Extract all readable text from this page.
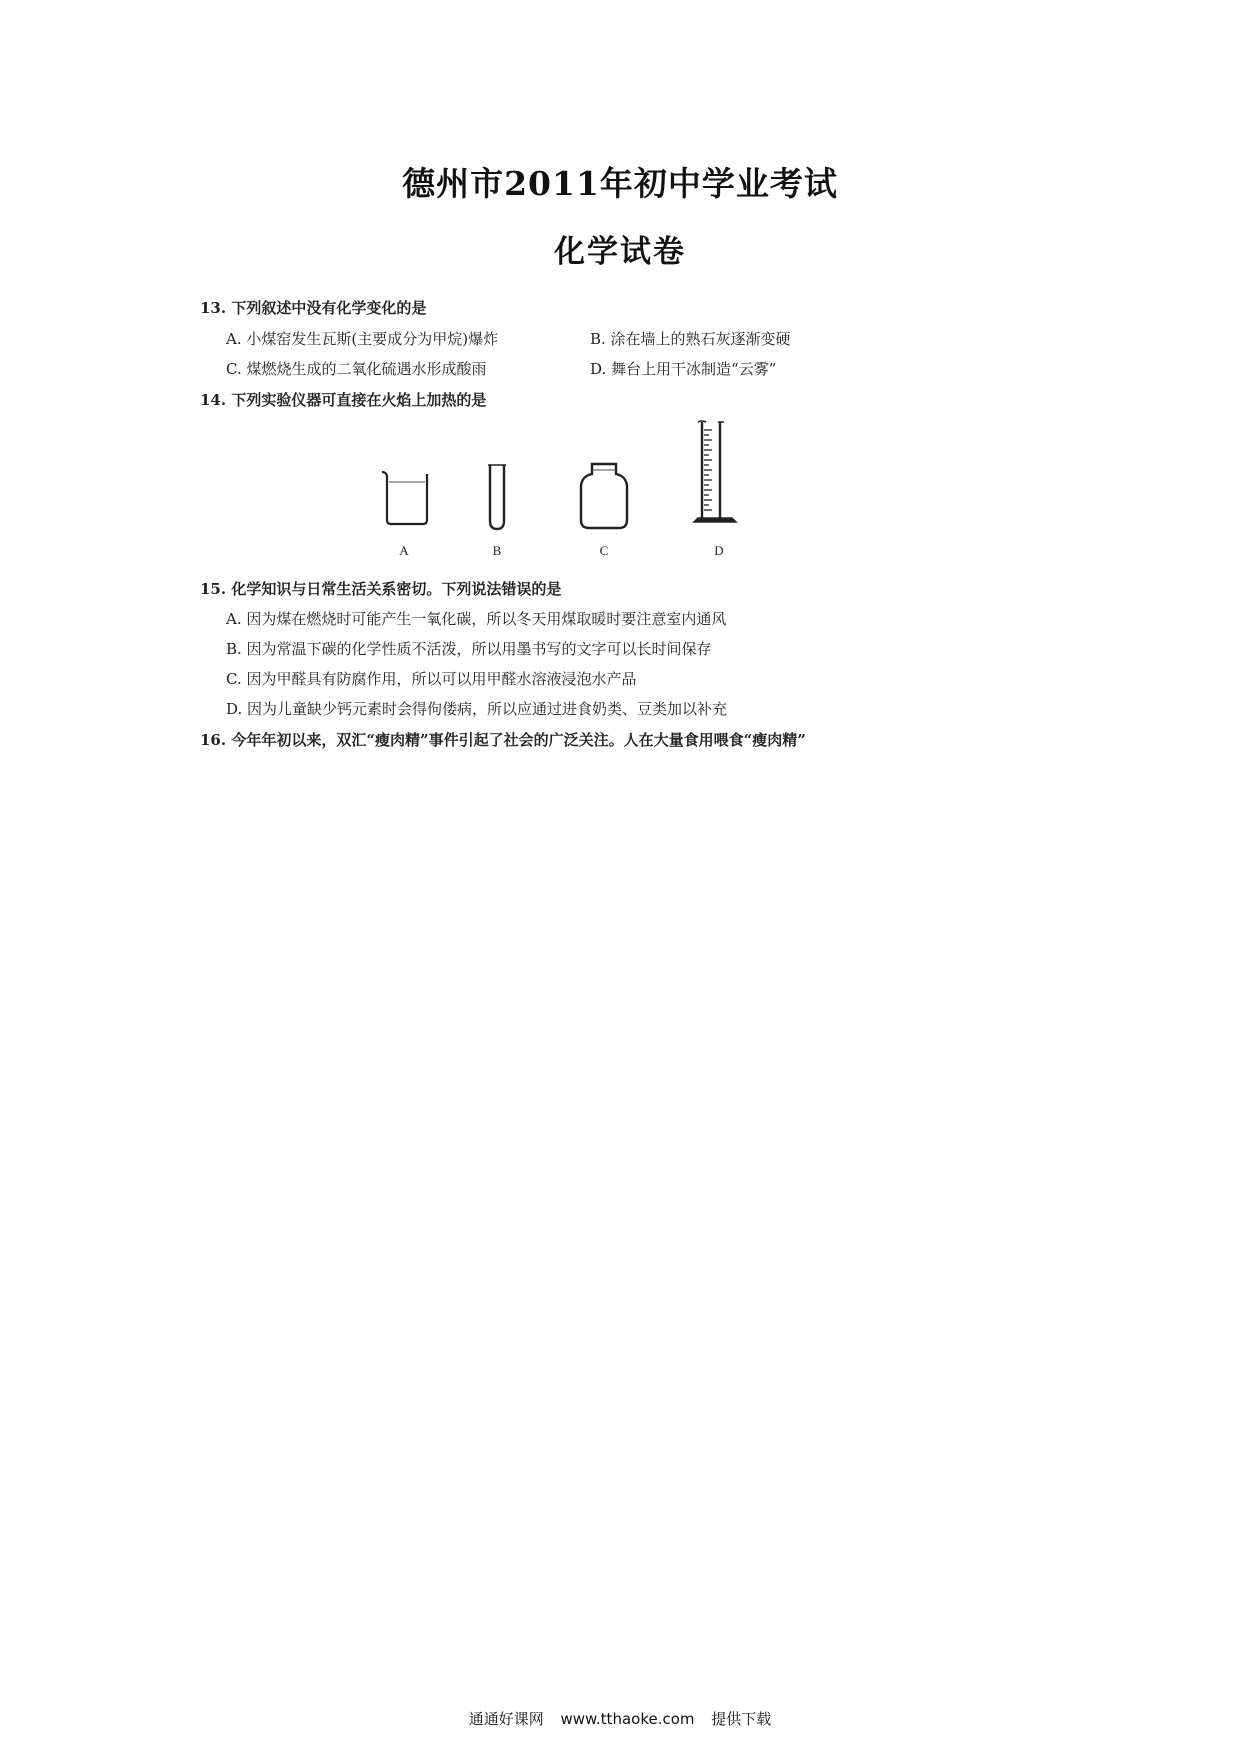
德州市2011年初中学业考试
化学试卷
13. 下列叙述中没有化学变化的是
A. 小煤窑发生瓦斯(主要成分为甲烷)爆炸	B. 涂在墙上的熟石灰逐渐变硬
C. 煤燃烧生成的二氧化硫遇水形成酸雨	D. 舞台上用干冰制造“云雾”
14. 下列实验仪器可直接在火焰上加热的是
A	B	C	D
15. 化学知识与日常生活关系密切。下列说法错误的是
A. 因为煤在燃烧时可能产生一氧化碳，所以冬天用煤取暖时要注意室内通风
B. 因为常温下碳的化学性质不活泼，所以用墨书写的文字可以长时间保存
C. 因为甲醛具有防腐作用，所以可以用甲醛水溶液浸泡水产品
D. 因为儿童缺少钙元素时会得佝偻病，所以应通过进食奶类、豆类加以补充
16. 今年年初以来，双汇“瘦肉精”事件引起了社会的广泛关注。人在大量食用喂食“瘦肉精”
通通好课网 www.tthaoke.com 提供下载
